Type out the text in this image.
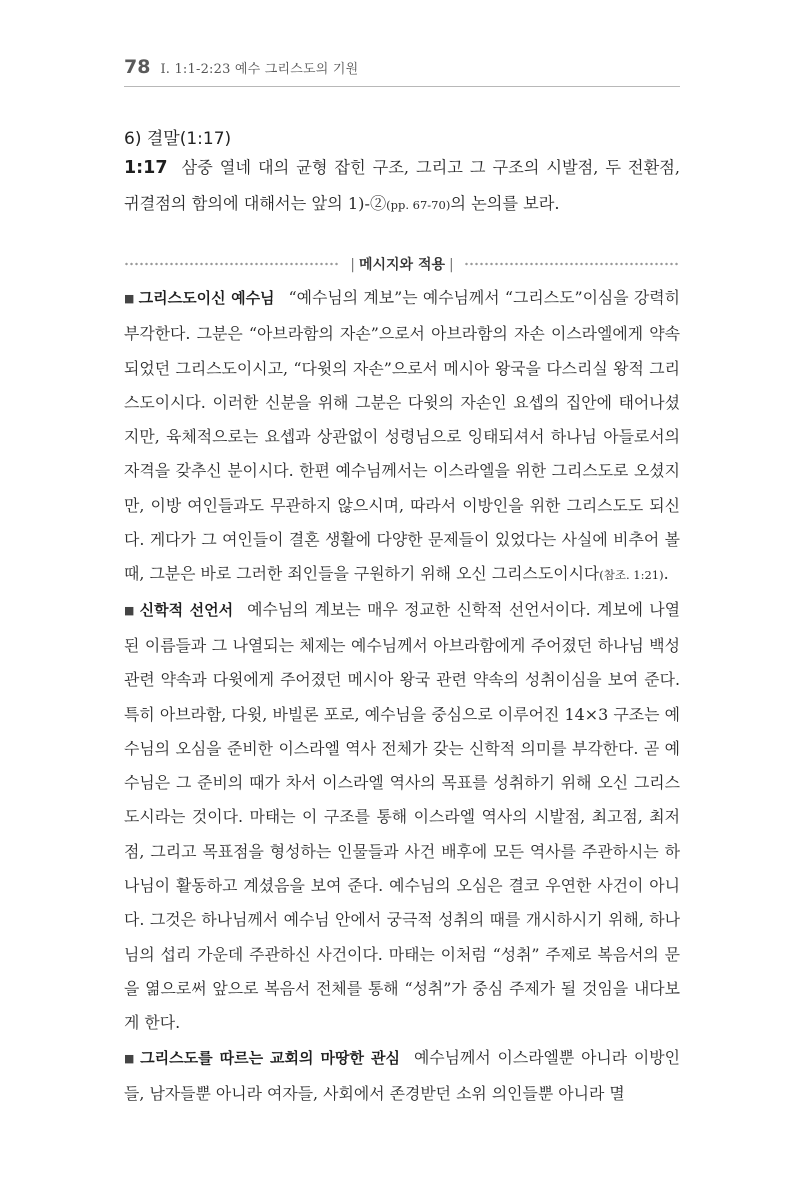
78 I. 1:1-2:23 예수 그리스도의 기원
6) 결말(1:17)
1:17 삼중 열네 대의 균형 잡힌 구조, 그리고 그 구조의 시발점, 두 전환점, 귀결점의 함의에 대해서는 앞의 1)-②(pp. 67-70)의 논의를 보라.
| 메시지와 적용 |

■ 그리스도이신 예수님 “예수님의 계보”는 예수님께서 “그리스도”이심을 강력히 부각한다. 그분은 “아브라함의 자손”으로서 아브라함의 자손 이스라엘에게 약속되었던 그리스도이시고, “다윗의 자손”으로서 메시아 왕국을 다스리실 왕적 그리스도이시다. 이러한 신분을 위해 그분은 다윗의 자손인 요셉의 집안에 태어나셨지만, 육체적으로는 요셉과 상관없이 성령님으로 잉태되셔서 하나님 아들로서의 자격을 갖추신 분이시다. 한편 예수님께서는 이스라엘을 위한 그리스도로 오셨지만, 이방 여인들과도 무관하지 않으시며, 따라서 이방인을 위한 그리스도도 되신다. 게다가 그 여인들이 결혼 생활에 다양한 문제들이 있었다는 사실에 비추어 볼 때, 그분은 바로 그러한 죄인들을 구원하기 위해 오신 그리스도이시다(참조. 1:21).

■ 신학적 선언서 예수님의 계보는 매우 정교한 신학적 선언서이다. 계보에 나열된 이름들과 그 나열되는 체제는 예수님께서 아브라함에게 주어졌던 하나님 백성 관련 약속과 다윗에게 주어졌던 메시아 왕국 관련 약속의 성취이심을 보여 준다. 특히 아브라함, 다윗, 바빌론 포로, 예수님을 중심으로 이루어진 14×3 구조는 예수님의 오심을 준비한 이스라엘 역사 전체가 갖는 신학적 의미를 부각한다. 곧 예수님은 그 준비의 때가 차서 이스라엘 역사의 목표를 성취하기 위해 오신 그리스도시라는 것이다. 마태는 이 구조를 통해 이스라엘 역사의 시발점, 최고점, 최저점, 그리고 목표점을 형성하는 인물들과 사건 배후에 모든 역사를 주관하시는 하나님이 활동하고 계셨음을 보여 준다. 예수님의 오심은 결코 우연한 사건이 아니다. 그것은 하나님께서 예수님 안에서 궁극적 성취의 때를 개시하시기 위해, 하나님의 섭리 가운데 주관하신 사건이다. 마태는 이처럼 “성취” 주제로 복음서의 문을 엶으로써 앞으로 복음서 전체를 통해 “성취”가 중심 주제가 될 것임을 내다보게 한다.

■ 그리스도를 따르는 교회의 마땅한 관심 예수님께서 이스라엘뿐 아니라 이방인들, 남자들뿐 아니라 여자들, 사회에서 존경받던 소위 의인들뿐 아니라 멸
